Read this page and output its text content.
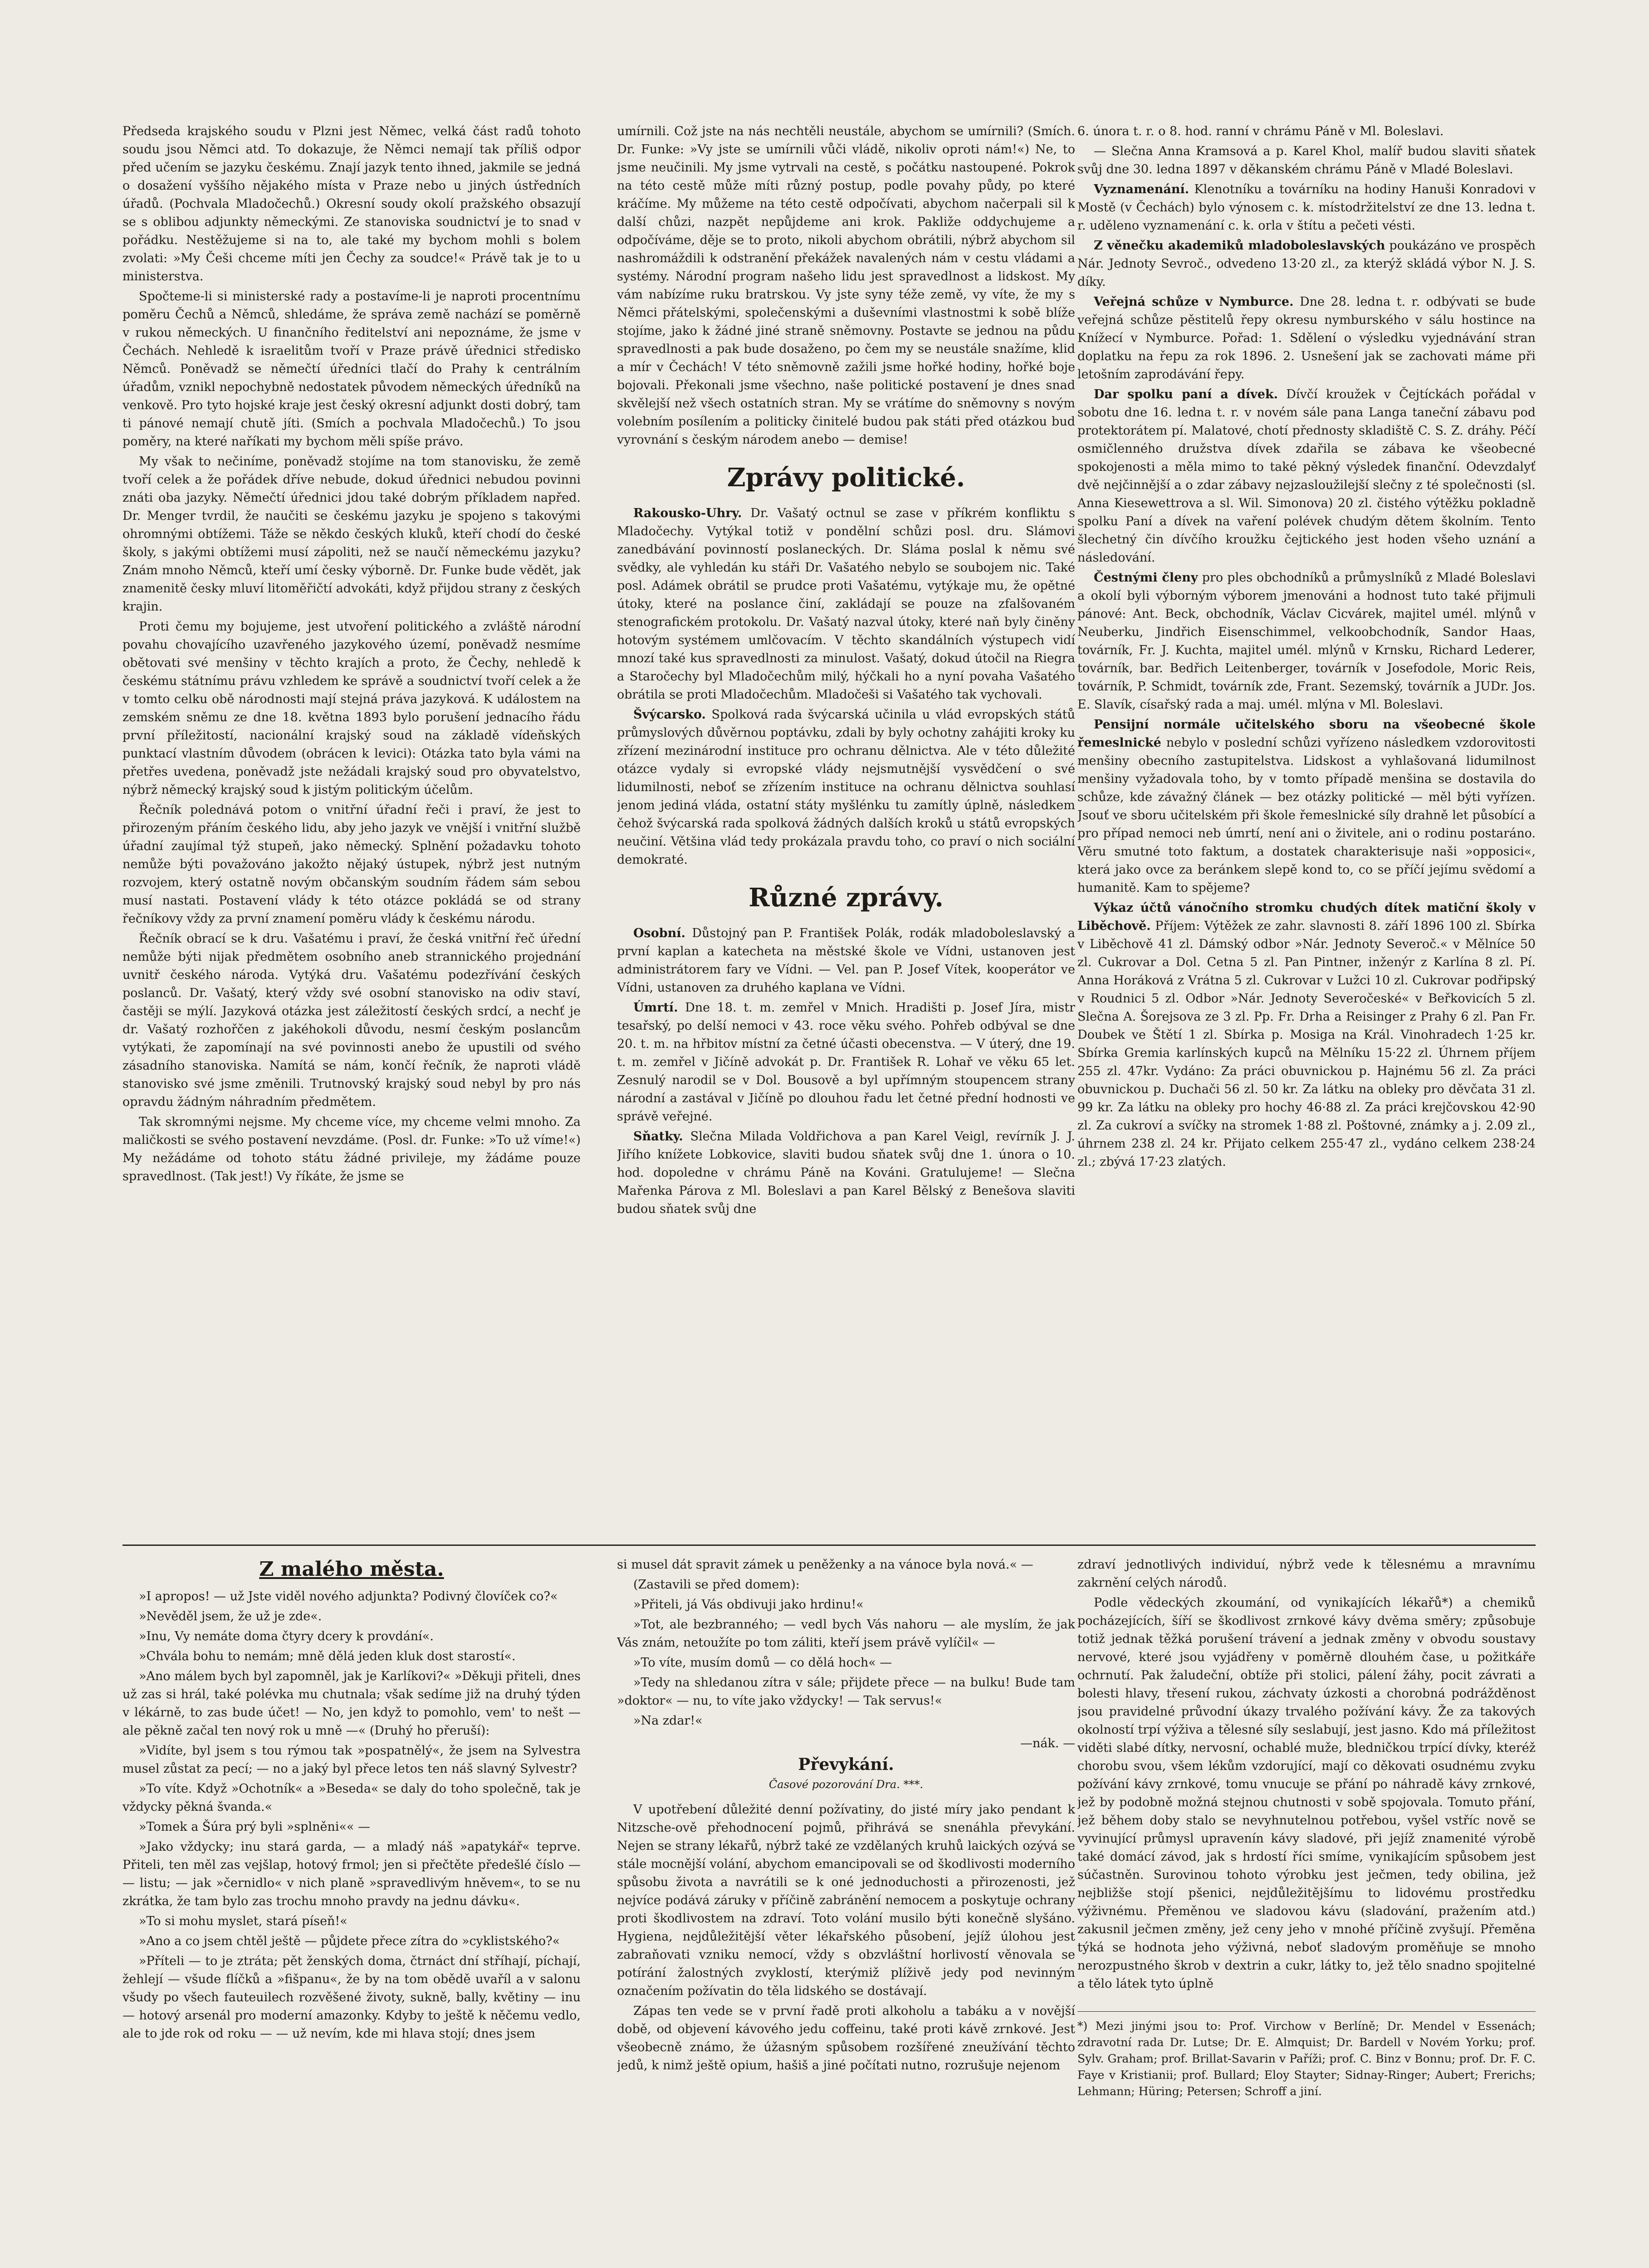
Předseda krajského soudu v Plzni jest Němec, velká část radů tohoto soudu jsou Němci atd. To dokazuje, že Němci nemají tak příliš odpor před učením se jazyku českému. Znají jazyk tento ihned, jakmile se jedná o dosažení vyššího nějakého místa v Praze nebo u jiných ústředních úřadů. (Pochvala Mladočechů.) Okresní soudy okolí pražského obsazují se s oblibou adjunkty německými. Ze stanoviska soudnictví je to snad v pořádku. Nestěžujeme si na to, ale také my bychom mohli s bolem zvolati: »My Češi chceme míti jen Čechy za soudce!« Právě tak je to u ministerstva.

Spočteme-li si ministerské rady a postavíme-li je naproti procentnímu poměru Čechů a Němců, shledáme, že správa země nachází se poměrně v rukou německých. U finančního ředitelství ani nepoznáme, že jsme v Čechách. Nehledě k israelitům tvoří v Praze právě úřednici středisko Němců. Poněvadž se němečtí úředníci tlačí do Prahy k centrálním úřadům, vznikl nepochybně nedostatek původem německých úředníků na venkově. Pro tyto hojské kraje jest český okresní adjunkt dosti dobrý, tam ti pánové nemají chutě jíti. (Smích a pochvala Mladočechů.) To jsou poměry, na které naříkati my bychom měli spíše právo.

My však to nečiníme, poněvadž stojíme na tom stanovisku, že země tvoří celek a že pořádek dříve nebude, dokud úřednici nebudou povinni znáti oba jazyky. Němečtí úřednici jdou také dobrým příkladem napřed. Dr. Menger tvrdil, že naučiti se českému jazyku je spojeno s takovými ohromnými obtížemi. Táže se někdo českých kluků, kteří chodí do české školy, s jakými obtížemi musí zápoliti, než se naučí německému jazyku? Znám mnoho Němců, kteří umí česky výborně. Dr. Funke bude vědět, jak znamenitě česky mluví litoměřičtí advokáti, když přijdou strany z českých krajin.

Proti čemu my bojujeme, jest utvoření politického a zvláště národní povahu chovajícího uzavřeného jazykového území, poněvadž nesmíme obětovati své menšiny v těchto krajích a proto, že Čechy, nehledě k českému státnímu právu vzhledem ke správě a soudnictví tvoří celek a že v tomto celku obě národnosti mají stejná práva jazyková. K událostem na zemském sněmu ze dne 18. května 1893 bylo porušení jednacího řádu první příležitostí, nacionální krajský soud na základě vídeňských punktací vlastním důvodem (obrácen k levici): Otázka tato byla vámi na přetřes uvedena, poněvadž jste nežádali krajský soud pro obyvatelstvo, nýbrž německý krajský soud k jistým politickým účelům.

Řečník polednává potom o vnitřní úřadní řeči i praví, že jest to přirozeným přáním českého lidu, aby jeho jazyk ve vnější i vnitřní službě úřadní zaujímal týž stupeň, jako německý. Splnění požadavku tohoto nemůže býti považováno jakožto nějaký ústupek, nýbrž jest nutným rozvojem, který ostatně novým občanským soudním řádem sám sebou musí nastati. Postavení vlády k této otázce pokládá se od strany řečníkovy vždy za první znamení poměru vlády k českému národu.

Řečník obrací se k dru. Vašatému i praví, že česká vnitřní řeč úřední nemůže býti nijak předmětem osobního aneb strannického projednání uvnitř českého národa. Vytýká dru. Vašatému podezřívání českých poslanců. Dr. Vašatý, který vždy své osobní stanovisko na odiv staví, častěji se mýlí. Jazyková otázka jest záležitostí českých srdcí, a nechť je dr. Vašatý rozhořčen z jakéhokoli důvodu, nesmí českým poslancům vytýkati, že zapomínají na své povinnosti anebo že upustili od svého zásadního stanoviska. Namítá se nám, končí řečník, že naproti vládě stanovisko své jsme změnili. Trutnovský krajský soud nebyl by pro nás opravdu žádným náhradním předmětem.

Tak skromnými nejsme. My chceme více, my chceme velmi mnoho. Za maličkosti se svého postavení nevzdáme. (Posl. dr. Funke: »To už víme!«) My nežádáme od tohoto státu žádné privileje, my žádáme pouze spravedlnost. (Tak jest!) Vy říkáte, že jsme se

umírnili. Což jste na nás nechtěli neustále, abychom se umírnili? (Smích. Dr. Funke: »Vy jste se umírnili vůči vládě, nikoliv oproti nám!«) Ne, to jsme neučinili. My jsme vytrvali na cestě, s počátku nastoupené. Pokrok na této cestě může míti různý postup, podle povahy půdy, po které kráčíme. My můžeme na této cestě odpočívati, abychom načerpali sil k další chůzi, nazpět nepůjdeme ani krok. Pakliže oddychujeme a odpočíváme, děje se to proto, nikoli abychom obrátili, nýbrž abychom sil nashromáždili k odstranění překážek navalených nám v cestu vládami a systémy. Národní program našeho lidu jest spravedlnost a lidskost. My vám nabízíme ruku bratrskou. Vy jste syny téže země, vy víte, že my s Němci přátelskými, společenskými a duševními vlastnostmi k sobě blíže stojíme, jako k žádné jiné straně sněmovny. Postavte se jednou na půdu spravedlnosti a pak bude dosaženo, po čem my se neustále snažíme, klid a mír v Čechách! V této sněmovně zažili jsme hořké hodiny, hořké boje bojovali. Překonali jsme všechno, naše politické postavení je dnes snad skvělejší než všech ostatních stran. My se vrátíme do sněmovny s novým volebním posílením a politicky činitelé budou pak státi před otázkou bud vyrovnání s českým národem anebo — demise!

Zprávy politické.

Rakousko-Uhry. Dr. Vašatý octnul se zase v příkrém konfliktu s Mladočechy. Vytýkal totiž v pondělní schůzi posl. dru. Slámovi zanedbávání povinností poslaneckých. Dr. Sláma poslal k němu své svědky, ale vyhledán ku stáři Dr. Vašatého nebylo se soubojem nic. Také posl. Adámek obrátil se prudce proti Vašatému, vytýkaje mu, že opětné útoky, které na poslance činí, zakládají se pouze na zfalšovaném stenografickém protokolu. Dr. Vašatý nazval útoky, které naň byly činěny hotovým systémem umlčovacím. V těchto skandálních výstupech vidí mnozí také kus spravedlnosti za minulost. Vašatý, dokud útočil na Riegra a Staročechy byl Mladočechům milý, hýčkali ho a nyní povaha Vašatého obrátila se proti Mladočechům. Mladočeši si Vašatého tak vychovali.

Švýcarsko. Spolková rada švýcarská učinila u vlád evropských států průmyslových důvěrnou poptávku, zdali by byly ochotny zahájiti kroky ku zřízení mezinárodní instituce pro ochranu dělnictva. Ale v této důležité otázce vydaly si evropské vlády nejsmutnější vysvědčení o své lidumilnosti, neboť se zřízením instituce na ochranu dělnictva souhlasí jenom jediná vláda, ostatní státy myšlénku tu zamítly úplně, následkem čehož švýcarská rada spolková žádných dalších kroků u států evropských neučiní. Většina vlád tedy prokázala pravdu toho, co praví o nich sociální demokraté.

Různé zprávy.

Osobní. Důstojný pan P. František Polák, rodák mladoboleslavský a první kaplan a katecheta na městské škole ve Vídni, ustanoven jest administrátorem fary ve Vídni. — Vel. pan P. Josef Vítek, kooperátor ve Vídni, ustanoven za druhého kaplana ve Vídni.

Úmrtí. Dne 18. t. m. zemřel v Mnich. Hradišti p. Josef Jíra, mistr tesařský, po delší nemoci v 43. roce věku svého. Pohřeb odbýval se dne 20. t. m. na hřbitov místní za četné účasti obecenstva. — V úterý, dne 19. t. m. zemřel v Jičíně advokát p. Dr. František R. Lohař ve věku 65 let. Zesnulý narodil se v Dol. Bousově a byl upřímným stoupencem strany národní a zastával v Jičíně po dlouhou řadu let četné přední hodnosti ve správě veřejné.

Sňatky. Slečna Milada Voldřichova a pan Karel Veigl, revírník J. J. Jiřího knížete Lobkovice, slaviti budou sňatek svůj dne 1. února o 10. hod. dopoledne v chrámu Páně na Kováni. Gratulujeme! — Slečna Mařenka Párova z Ml. Boleslavi a pan Karel Bělský z Benešova slaviti budou sňatek svůj dne

6. února t. r. o 8. hod. ranní v chrámu Páně v Ml. Boleslavi.

— Slečna Anna Kramsová a p. Karel Khol, malíř budou slaviti sňatek svůj dne 30. ledna 1897 v děkanském chrámu Páně v Mladé Boleslavi.

Vyznamenání. Klenotníku a továrníku na hodiny Hanuši Konradovi v Mostě (v Čechách) bylo výnosem c. k. místodržitelství ze dne 13. ledna t. r. uděleno vyznamenání c. k. orla v štítu a pečeti vésti.

Z věnečku akademiků mladoboleslavských poukázáno ve prospěch Nár. Jednoty Sevroč., odvedeno 13·20 zl., za kterýž skládá výbor N. J. S. díky.

Veřejná schůze v Nymburce. Dne 28. ledna t. r. odbývati se bude veřejná schůze pěstitelů řepy okresu nymburského v sálu hostince na Knížecí v Nymburce. Pořad: 1. Sdělení o výsledku vyjednávání stran doplatku na řepu za rok 1896. 2. Usnešení jak se zachovati máme při letošním zaprodávání řepy.

Dar spolku paní a dívek. Dívčí kroužek v Čejtíckách pořádal v sobotu dne 16. ledna t. r. v novém sále pana Langa taneční zábavu pod protektorátem pí. Malatové, chotí přednosty skladiště C. S. Z. dráhy. Péčí osmičlenného družstva dívek zdařila se zábava ke všeobecné spokojenosti a měla mimo to také pěkný výsledek finanční. Odevzdalyť dvě nejčinnější a o zdar zábavy nejzasloužilejší slečny z té společnosti (sl. Anna Kiesewettrova a sl. Wil. Simonova) 20 zl. čistého výtěžku pokladně spolku Paní a dívek na vaření polévek chudým dětem školním. Tento šlechetný čin dívčího kroužku čejtického jest hoden všeho uznání a následování.

Čestnými členy pro ples obchodníků a průmyslníků z Mladé Boleslavi a okolí byli výborným výborem jmenováni a hodnost tuto také přijmuli pánové: Ant. Beck, obchodník, Václav Cicvárek, majitel umél. mlýnů v Neuberku, Jindřich Eisenschimmel, velkoobchodník, Sandor Haas, továrník, Fr. J. Kuchta, majitel umél. mlýnů v Krnsku, Richard Lederer, továrník, bar. Bedřich Leitenberger, továrník v Josefodole, Moric Reis, továrník, P. Schmidt, továrník zde, Frant. Sezemský, továrník a JUDr. Jos. E. Slavík, císařský rada a maj. umél. mlýna v Ml. Boleslavi.

Pensijní normále učitelského sboru na všeobecné škole řemeslnické nebylo v poslední schůzi vyřízeno následkem vzdorovitosti menšiny obecního zastupitelstva. Lidskost a vyhlašovaná lidumilnost menšiny vyžadovala toho, by v tomto případě menšina se dostavila do schůze, kde závažný článek — bez otázky politické — měl býti vyřízen. Jsouť ve sboru učitelském při škole řemeslnické síly drahně let působící a pro případ nemoci neb úmrtí, není ani o živitele, ani o rodinu postaráno. Věru smutné toto faktum, a dostatek charakterisuje naši »opposici«, která jako ovce za beránkem slepě kond to, co se příčí jejímu svědomí a humanitě. Kam to spějeme?

Výkaz účtů vánočního stromku chudých dítek matiční školy v Liběchově. Příjem: Výtěžek ze zahr. slavnosti 8. září 1896 100 zl. Sbírka v Liběchově 41 zl. Dámský odbor »Nár. Jednoty Severoč.« v Mělníce 50 zl. Cukrovar a Dol. Cetna 5 zl. Pan Pintner, inženýr z Karlína 8 zl. Pí. Anna Horáková z Vrátna 5 zl. Cukrovar v Lužci 10 zl. Cukrovar podřipský v Roudnici 5 zl. Odbor »Nár. Jednoty Severočeské« v Beřkovicích 5 zl. Slečna A. Šorejsova ze 3 zl. Pp. Fr. Drha a Reisinger z Prahy 6 zl. Pan Fr. Doubek ve Štětí 1 zl. Sbírka p. Mosiga na Král. Vinohradech 1·25 kr. Sbírka Gremia karlínských kupců na Mělníku 15·22 zl. Úhrnem příjem 255 zl. 47kr. Vydáno: Za práci obuvnickou p. Hajnému 56 zl. Za práci obuvnickou p. Duchači 56 zl. 50 kr. Za látku na obleky pro děvčata 31 zl. 99 kr. Za látku na obleky pro hochy 46·88 zl. Za práci krejčovskou 42·90 zl. Za cukroví a svíčky na stromek 1·88 zl. Poštovné, známky a j. 2.09 zl., úhrnem 238 zl. 24 kr. Přijato celkem 255·47 zl., vydáno celkem 238·24 zl.; zbývá 17·23 zlatých.

Z malého města.

»I apropos! — už Jste viděl nového adjunkta? Podivný človíček co?«

»Nevěděl jsem, že už je zde«.

»Inu, Vy nemáte doma čtyry dcery k provdání«.

»Chvála bohu to nemám; mně dělá jeden kluk dost starostí«.

»Ano málem bych byl zapomněl, jak je Karlíkovi?« »Děkuji přiteli, dnes už zas si hrál, také polévka mu chutnala; však sedíme již na druhý týden v lékárně, to zas bude účet! — No, jen když to pomohlo, vem' to nešt — ale pěkně začal ten nový rok u mně —« (Druhý ho přeruší):

»Vidíte, byl jsem s tou rýmou tak »pospatnělý«, že jsem na Sylvestra musel zůstat za pecí; — no a jaký byl přece letos ten náš slavný Sylvestr?

»To víte. Když »Ochotník« a »Beseda« se daly do toho společně, tak je vždycky pěkná švanda.«

»Tomek a Šúra prý byli »splněni«« —

»Jako vždycky; inu stará garda, — a mladý náš »apatykář« teprve. Přiteli, ten měl zas vejšlap, hotový frmol; jen si přečtěte předešlé číslo — — listu; — jak »černidlo« v nich planě »spravedlivým hněvem«, to se nu zkrátka, že tam bylo zas trochu mnoho pravdy na jednu dávku«.

»To si mohu myslet, stará píseň!«

»Ano a co jsem chtěl ještě — půjdete přece zítra do »cyklistského?«

»Příteli — to je ztráta; pět ženských doma, čtrnáct dní stříhají, píchají, žehlejí — všude flíčků a »fišpanu«, že by na tom obědě uvaříl a v salonu všudy po všech fauteuilech rozvěšené životy, sukně, bally, květiny — inu — hotový arsenál pro moderní amazonky. Kdyby to ještě k něčemu vedlo, ale to jde rok od roku — — už nevím, kde mi hlava stojí; dnes jsem

si musel dát spravit zámek u peněženky a na vánoce byla nová.« —

(Zastavili se před domem):

»Přiteli, já Vás obdivuji jako hrdinu!«

»Tot, ale bezbranného; — vedl bych Vás nahoru — ale myslím, že jak Vás znám, netoužíte po tom záliti, kteří jsem právě vylíčil« —

»To víte, musím domů — co dělá hoch« —

»Tedy na shledanou zítra v sále; přijdete přece — na bulku! Bude tam »doktor« — nu, to víte jako vždycky! — Tak servus!«

»Na zdar!«

—nák. —
Převykání.
Časové pozorování Dra. ***.

V upotřebení důležité denní požívatiny, do jisté míry jako pendant k Nitzsche-ově přehodnocení pojmů, přihrává se snenáhla převykání. Nejen se strany lékařů, nýbrž také ze vzdělaných kruhů laických ozývá se stále mocnější volání, abychom emancipovali se od škodlivosti moderního spůsobu života a navrátili se k oné jednoduchosti a přirozenosti, jež nejvíce podává záruky v příčině zabránění nemocem a poskytuje ochrany proti škodlivostem na zdraví. Toto volání musilo býti konečně slyšáno. Hygiena, nejdůležitější věter lékařského působení, jejíž úlohou jest zabraňovati vzniku nemocí, vždy s obzvláštní horlivostí věnovala se potírání žalostných zvyklostí, kterýmiž plíživě jedy pod nevinným označením požívatin do těla lidského se dostávají.

Zápas ten vede se v první řadě proti alkoholu a tabáku a v novější době, od objevení kávového jedu coffeinu, také proti kávě zrnkové. Jest všeobecně známo, že úžasným spůsobem rozšířené zneužívání těchto jedů, k nimž ještě opium, hašiš a jiné počítati nutno, rozrušuje nejenom

zdraví jednotlivých individuí, nýbrž vede k tělesnému a mravnímu zakrnění celých národů.

Podle vědeckých zkoumání, od vynikajících lékařů*) a chemiků pocházejících, šíří se škodlivost zrnkové kávy dvěma směry; způsobuje totiž jednak těžká porušení trávení a jednak změny v obvodu soustavy nervové, které jsou vyjádřeny v poměrně dlouhém čase, u požitkáře ochrnutí. Pak žaludeční, obtíže při stolici, pálení žáhy, pocit závrati a bolesti hlavy, třesení rukou, záchvaty úzkosti a chorobná podrážděnost jsou pravidelné průvodní úkazy trvalého požívání kávy. Že za takových okolností trpí výživa a tělesné síly seslabují, jest jasno. Kdo má příležitost viděti slabé dítky, nervosní, ochablé muže, bledničkou trpící dívky, kteréž chorobu svou, všem lékům vzdorující, mají co děkovati osudnému zvyku požívání kávy zrnkové, tomu vnucuje se přání po náhradě kávy zrnkové, jež by podobně možná stejnou chutnosti v sobě spojovala. Tomuto přání, jež během doby stalo se nevyhnutelnou potřebou, vyšel vstříc nově se vyvinující průmysl upravenín kávy sladové, při jejíž znamenité výrobě také domácí závod, jak s hrdostí říci smíme, vynikajícím spůsobem jest súčastněn. Surovinou tohoto výrobku jest ječmen, tedy obilina, jež nejbližše stojí pšenici, nejdůležitějšímu to lidovému prostředku výživnému. Přeměnou ve sladovou kávu (sladování, pražením atd.) zakusnil ječmen změny, jež ceny jeho v mnohé příčině zvyšují. Přeměna týká se hodnota jeho výživná, neboť sladovým proměňuje se mnoho nerozpustného škrob v dextrin a cukr, látky to, jež tělo snadno spojitelné a tělo látek tyto úplně

*) Mezi jinými jsou to: Prof. Virchow v Berlíně; Dr. Mendel v Essenách; zdravotní rada Dr. Lutse; Dr. E. Almquist; Dr. Bardell v Novém Yorku; prof. Sylv. Graham; prof. Brillat-Savarin v Paříži; prof. C. Binz v Bonnu; prof. Dr. F. C. Faye v Kristianii; prof. Bullard; Eloy Stayter; Sidnay-Ringer; Aubert; Frerichs; Lehmann; Hüring; Petersen; Schroff a jiní.
